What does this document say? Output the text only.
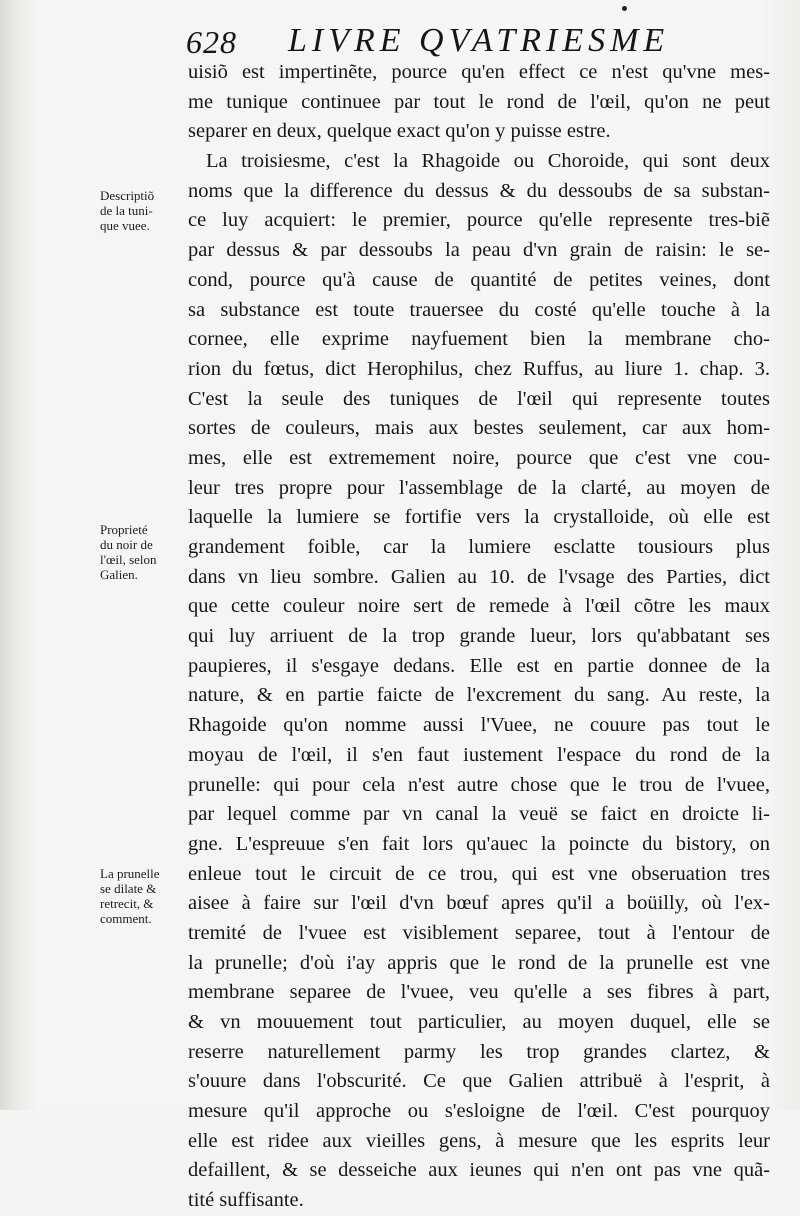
628 LIVRE QVATRIESME
uisiõ est impertinẽte, pource qu'en effect ce n'est qu'vne mes-
me tunique continuee par tout le rond de l'œil, qu'on ne peut
separer en deux, quelque exact qu'on y puisse estre.
La troisiesme, c'est la Rhagoide ou Choroide, qui sont deux
noms que la difference du dessus & du dessoubs de sa substan-
ce luy acquiert: le premier, pource qu'elle represente tres-biẽ
par dessus & par dessoubs la peau d'vn grain de raisin: le se-
cond, pource qu'à cause de quantité de petites veines, dont
sa substance est toute trauersee du costé qu'elle touche à la
cornee, elle exprime nayfuement bien la membrane cho-
rion du fœtus, dict Herophilus, chez Ruffus, au liure 1. chap. 3.
C'est la seule des tuniques de l'œil qui represente toutes
sortes de couleurs, mais aux bestes seulement, car aux hom-
mes, elle est extremement noire, pource que c'est vne cou-
leur tres propre pour l'assemblage de la clarté, au moyen de
laquelle la lumiere se fortifie vers la crystalloide, où elle est
grandement foible, car la lumiere esclatte tousiours plus
dans vn lieu sombre. Galien au 10. de l'vsage des Parties, dict
que cette couleur noire sert de remede à l'œil cõtre les maux
qui luy arriuent de la trop grande lueur, lors qu'abbatant ses
paupieres, il s'esgaye dedans. Elle est en partie donnee de la
nature, & en partie faicte de l'excrement du sang. Au reste, la
Rhagoide qu'on nomme aussi l'Vuee, ne couure pas tout le
moyau de l'œil, il s'en faut iustement l'espace du rond de la
prunelle: qui pour cela n'est autre chose que le trou de l'vuee,
par lequel comme par vn canal la veuë se faict en droicte li-
gne. L'espreuue s'en fait lors qu'auec la poincte du bistory, on
enleue tout le circuit de ce trou, qui est vne obseruation tres
aisee à faire sur l'œil d'vn bœuf apres qu'il a boüilly, où l'ex-
tremité de l'vuee est visiblement separee, tout à l'entour de
la prunelle; d'où i'ay appris que le rond de la prunelle est vne
membrane separee de l'vuee, veu qu'elle a ses fibres à part,
& vn mouuement tout particulier, au moyen duquel, elle se
reserre naturellement parmy les trop grandes clartez, &
s'ouure dans l'obscurité. Ce que Galien attribuë à l'esprit, à
mesure qu'il approche ou s'esloigne de l'œil. C'est pourquoy
elle est ridee aux vieilles gens, à mesure que les esprits leur
defaillent, & se desseiche aux ieunes qui n'en ont pas vne quã-
tité suffisante.
Descriptiõ
de la tuni-
que vuee.
Proprieté
du noir de
l'œil, selon
Galien.
La prunelle
se dilate &
retrecit, &
comment.
